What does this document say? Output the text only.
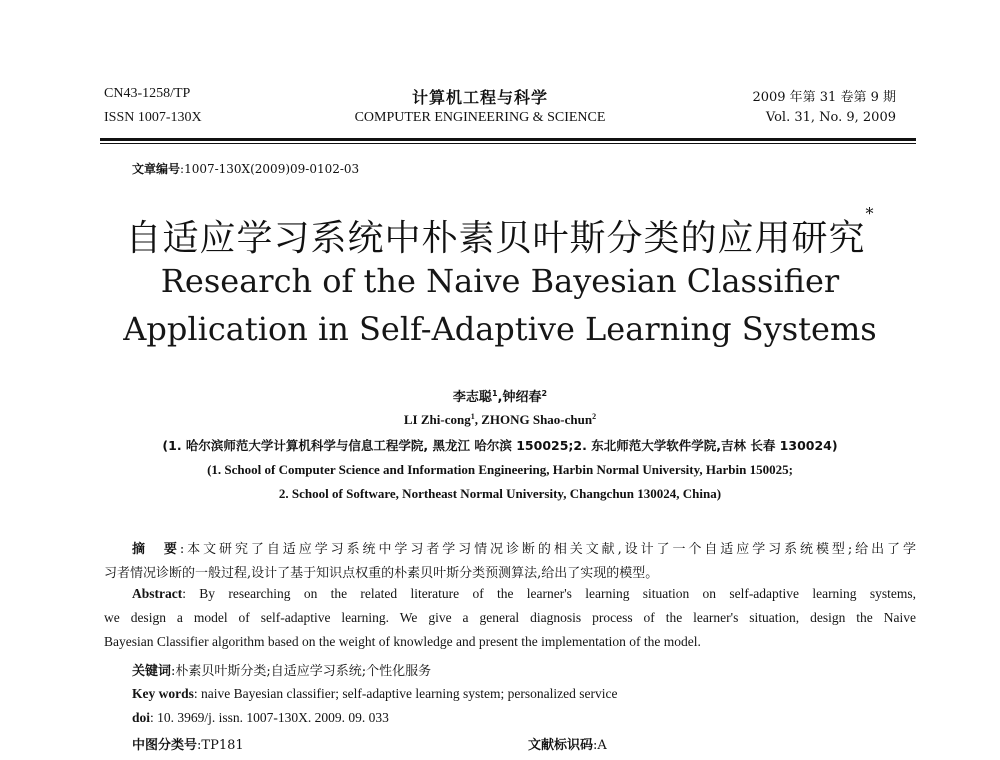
CN43-1258/TP
ISSN 1007-130X
计算机工程与科学
COMPUTER ENGINEERING & SCIENCE
2009 年第 31 卷第 9 期
Vol. 31, No. 9, 2009
文章编号:1007-130X(2009)09-0102-03
自适应学习系统中朴素贝叶斯分类的应用研究*
Research of the Naive Bayesian Classifier
Application in Self-Adaptive Learning Systems
李志聪$^1$,钟绍春$^2$
LI Zhi-cong$^1$, ZHONG Shao-chun$^2$
(1. 哈尔滨师范大学计算机科学与信息工程学院, 黑龙江 哈尔滨 150025;2. 东北师范大学软件学院,吉林 长春 130024)
(1. School of Computer Science and Information Engineering, Harbin Normal University, Harbin 150025;
2. School of Software, Northeast Normal University, Changchun 130024, China)
摘　要:本文研究了自适应学习系统中学习者学习情况诊断的相关文献,设计了一个自适应学习系统模型;给出了学
习者情况诊断的一般过程,设计了基于知识点权重的朴素贝叶斯分类预测算法,给出了实现的模型。
Abstract: By researching on the related literature of the learner's learning situation on self-adaptive learning systems,
we design a model of self-adaptive learning. We give a general diagnosis process of the learner's situation, design the Naive
Bayesian Classifier algorithm based on the weight of knowledge and present the implementation of the model.
关键词:朴素贝叶斯分类;自适应学习系统;个性化服务
Key words: naive Bayesian classifier; self-adaptive learning system; personalized service
doi: 10. 3969/j. issn. 1007-130X. 2009. 09. 033
中图分类号:TP181	文献标识码:A
